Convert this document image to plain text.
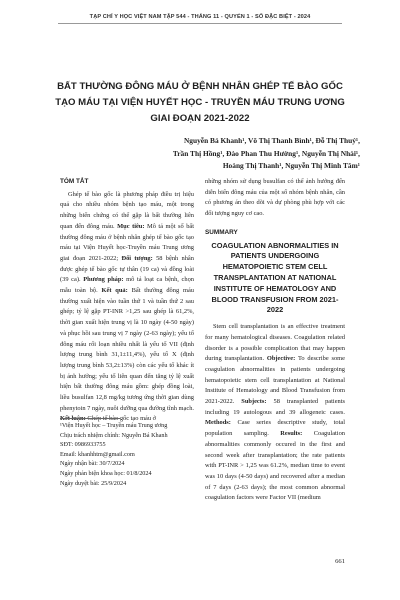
TẠP CHÍ Y HỌC VIỆT NAM TẬP 544 - THÁNG 11 - QUYỂN 1 - SỐ ĐẶC BIỆT - 2024
BẤT THƯỜNG ĐÔNG MÁU Ở BỆNH NHÂN GHÉP TẾ BÀO GỐC
TẠO MÁU TẠI VIỆN HUYẾT HỌC - TRUYỀN MÁU TRUNG ƯƠNG
GIAI ĐOẠN 2021-2022
Nguyễn Bá Khanh¹, Võ Thị Thanh Bình¹, Đỗ Thị Thuý¹,
Trần Thị Hồng¹, Đào Phan Thu Hường¹, Nguyễn Thị Nhài¹,
Hoàng Thị Thanh¹, Nguyễn Thị Minh Tâm¹
TÓM TẮT

Ghép tế bào gốc là phương pháp điều trị hiệu quả cho nhiều nhóm bệnh tạo máu, một trong những biến chứng có thể gặp là bất thường liên quan đến đông máu. Mục tiêu: Mô tả một số bất thường đông máu ở bệnh nhân ghép tế bào gốc tạo máu tại Viện Huyết học-Truyền máu Trung ương giai đoạn 2021-2022; Đối tượng: 58 bệnh nhân được ghép tế bào gốc tự thân (19 ca) và đồng loài (39 ca). Phương pháp: mô tả loạt ca bệnh, chọn mẫu toàn bộ. Kết quả: Bất thường đông máu thường xuất hiện vào tuần thứ 1 và tuần thứ 2 sau ghép; tỷ lệ gặp PT-INR >1,25 sau ghép là 61,2%, thời gian xuất hiện trung vị là 10 ngày (4-50 ngày) và phục hồi sau trung vị 7 ngày (2-63 ngày); yếu tố đông máu rối loạn nhiều nhất là yếu tố VII (định lượng trung bình 31,1±11,4%), yếu tố X (định lượng trung bình 53,2±13%) còn các yếu tố khác ít bị ảnh hưởng; yếu tố liên quan đến tăng tỷ lệ xuất hiện bất thường đông máu gồm: ghép đồng loài, liều busulfan 12,8 mg/kg tương ứng thời gian dùng phenytoin 7 ngày, nuôi dưỡng qua đường tĩnh mạch. Kết luận: Ghép tế bào gốc tạo máu ở

¹Viện Huyết học – Truyền máu Trung ương
Chịu trách nhiệm chính: Nguyễn Bá Khanh
SĐT: 0986933755
Email: khanhhtm@gmail.com
Ngày nhận bài: 30/7/2024
Ngày phản biện khoa học: 01/8/2024
Ngày duyệt bài: 25/9/2024

những nhóm sử dụng busulfan có thể ảnh hưởng đến diễn biến đông máu của một số nhóm bệnh nhân, cần có phương án theo dõi và dự phòng phù hợp với các đối tượng nguy cơ cao.

SUMMARY
COAGULATION ABNORMALITIES IN PATIENTS UNDERGOING HEMATOPOIETIC STEM CELL TRANSPLANTATION AT NATIONAL INSTITUTE OF HEMATOLOGY AND BLOOD TRANSFUSION FROM 2021-2022

Stem cell transplantation is an effective treatment for many hematological diseases. Coagulation related disorder is a possible complication that may happen during transplantation. Objective: To describe some coagulation abnormalities in patients undergoing hematopoietic stem cell transplantation at National Institute of Hematology and Blood Transfusion from 2021-2022. Subjects: 58 transplanted patients including 19 autologous and 39 allogeneic cases. Methods: Case series descriptive study, total population sampling. Results: Coagulation abnormalities commonly occured in the first and second week after transplantation; the rate patients with PT-INR > 1,25 was 61.2%, median time to event was 10 days (4-50 days) and recovered after a median of 7 days (2-63 days); the most common abnormal coagulation factors were Factor VII (medium

661
